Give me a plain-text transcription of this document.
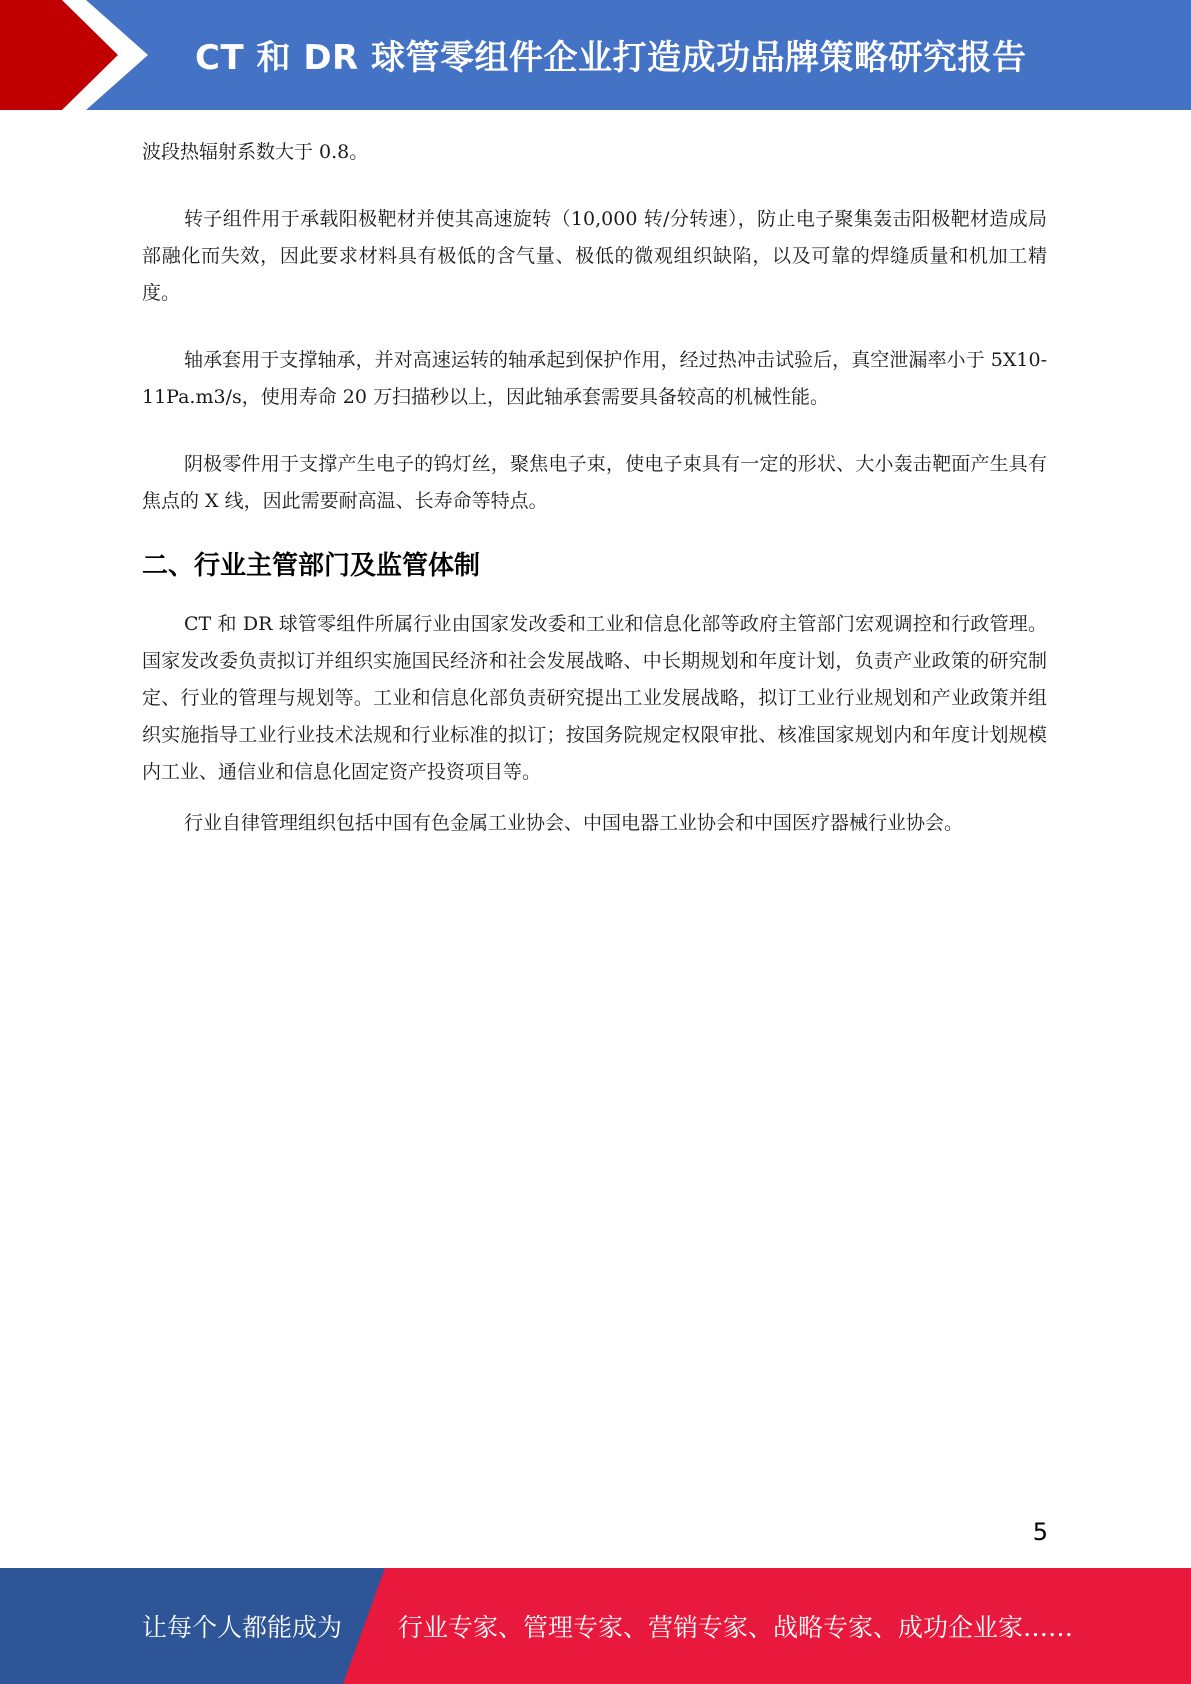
CT 和 DR 球管零组件企业打造成功品牌策略研究报告

波段热辐射系数大于 0.8。

转子组件用于承载阳极靶材并使其高速旋转（10,000 转/分转速），防止电子聚集轰击阳极靶材造成局部融化而失效，因此要求材料具有极低的含气量、极低的微观组织缺陷，以及可靠的焊缝质量和机加工精度。

轴承套用于支撑轴承，并对高速运转的轴承起到保护作用，经过热冲击试验后，真空泄漏率小于 5X10-11Pa.m3/s，使用寿命 20 万扫描秒以上，因此轴承套需要具备较高的机械性能。

阴极零件用于支撑产生电子的钨灯丝，聚焦电子束，使电子束具有一定的形状、大小轰击靶面产生具有焦点的 X 线，因此需要耐高温、长寿命等特点。

二、行业主管部门及监管体制

CT 和 DR 球管零组件所属行业由国家发改委和工业和信息化部等政府主管部门宏观调控和行政管理。国家发改委负责拟订并组织实施国民经济和社会发展战略、中长期规划和年度计划，负责产业政策的研究制定、行业的管理与规划等。工业和信息化部负责研究提出工业发展战略，拟订工业行业规划和产业政策并组织实施指导工业行业技术法规和行业标准的拟订；按国务院规定权限审批、核准国家规划内和年度计划规模内工业、通信业和信息化固定资产投资项目等。

行业自律管理组织包括中国有色金属工业协会、中国电器工业协会和中国医疗器械行业协会。

5
让每个人都能成为 行业专家、管理专家、营销专家、战略专家、成功企业家……
